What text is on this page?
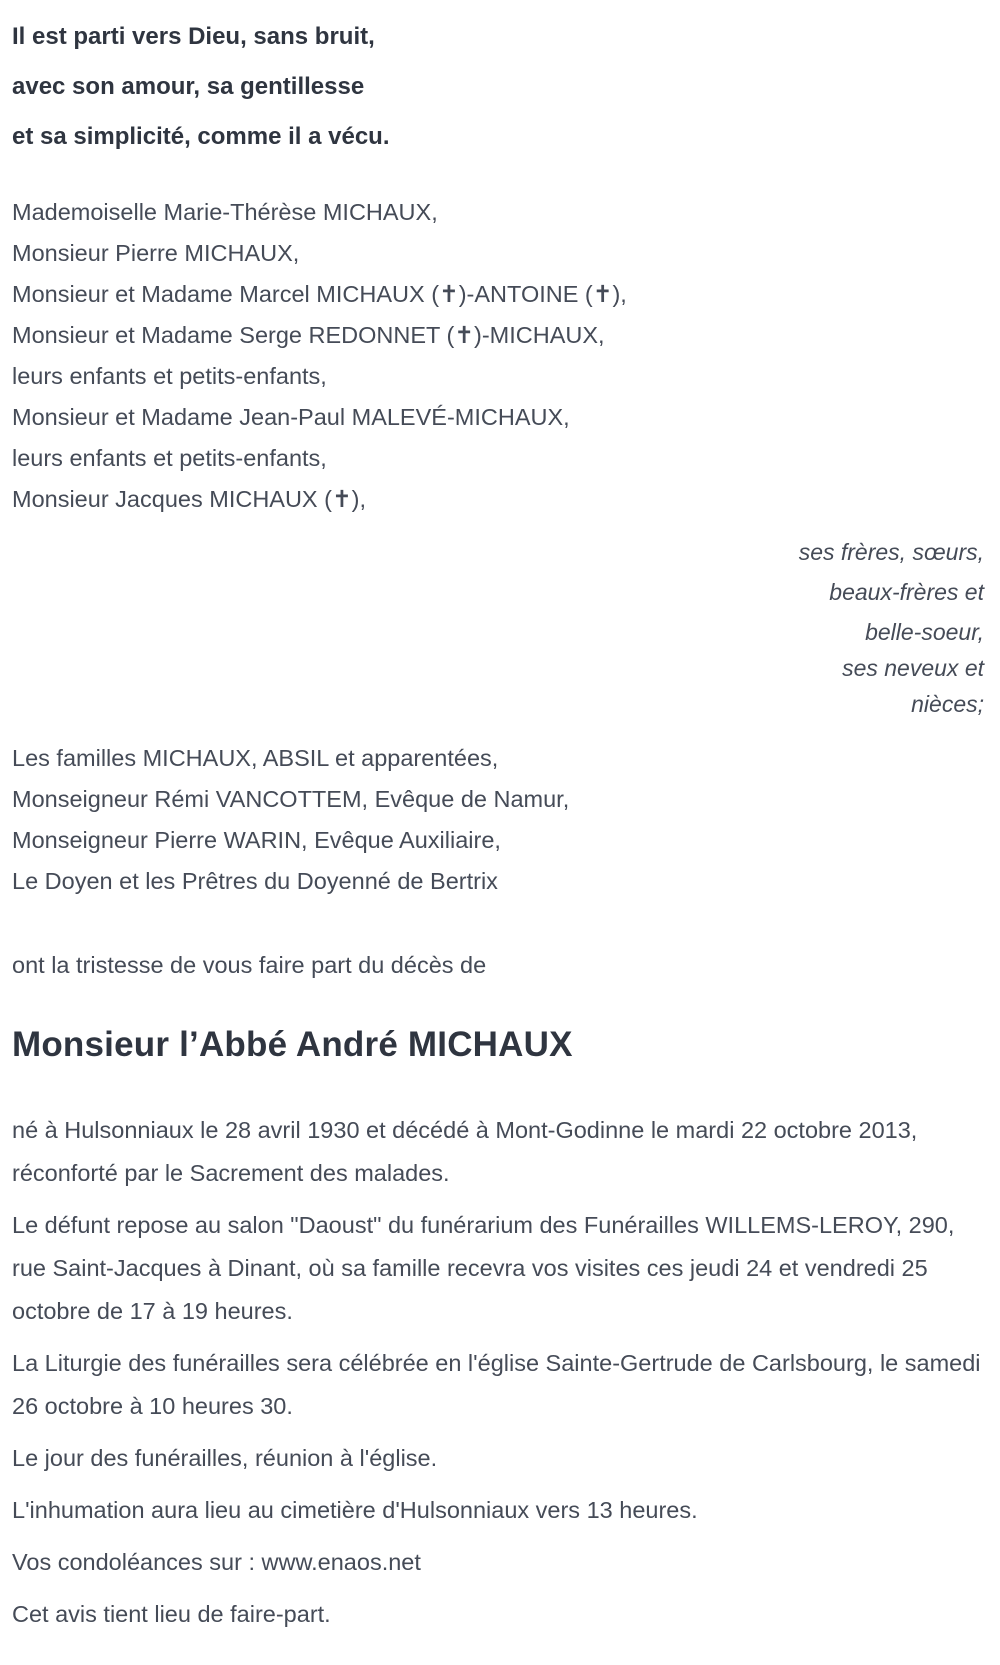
Il est parti vers Dieu, sans bruit,
avec son amour, sa gentillesse
et sa simplicité, comme il a vécu.
Mademoiselle Marie-Thérèse MICHAUX,
Monsieur Pierre MICHAUX,
Monsieur et Madame Marcel MICHAUX (✝)-ANTOINE (✝),
Monsieur et Madame Serge REDONNET (✝)-MICHAUX,
leurs enfants et petits-enfants,
Monsieur et Madame Jean-Paul MALEVÉ-MICHAUX,
leurs enfants et petits-enfants,
Monsieur Jacques MICHAUX (✝),
ses frères, sœurs,
beaux-frères et
belle-soeur,
ses neveux et
nièces;
Les familles MICHAUX, ABSIL et apparentées,
Monseigneur Rémi VANCOTTEM, Evêque de Namur,
Monseigneur Pierre WARIN, Evêque Auxiliaire,
Le Doyen et les Prêtres du Doyenné de Bertrix
ont la tristesse de vous faire part du décès de
Monsieur l’Abbé André MICHAUX

né à Hulsonniaux le 28 avril 1930 et décédé à Mont-Godinne le mardi 22 octobre 2013, réconforté par le Sacrement des malades.

Le défunt repose au salon "Daoust" du funérarium des Funérailles WILLEMS-LEROY, 290, rue Saint-Jacques à Dinant, où sa famille recevra vos visites ces jeudi 24 et vendredi 25 octobre de 17 à 19 heures.

La Liturgie des funérailles sera célébrée en l'église Sainte-Gertrude de Carlsbourg, le samedi 26 octobre à 10 heures 30.

Le jour des funérailles, réunion à l'église.

L'inhumation aura lieu au cimetière d'Hulsonniaux vers 13 heures.

Vos condoléances sur : www.enaos.net

Cet avis tient lieu de faire-part.
